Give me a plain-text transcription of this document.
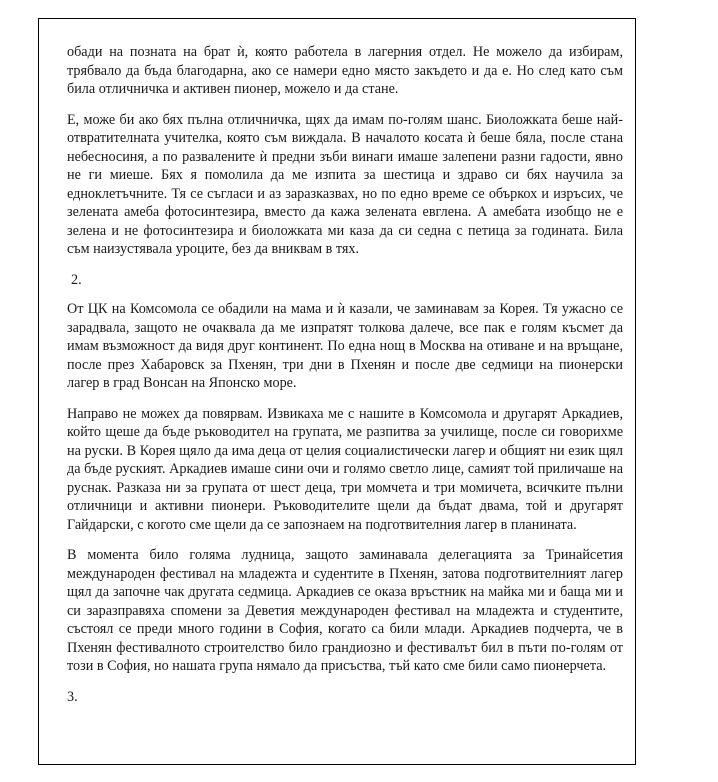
обади на позната на брат ѝ, която работела в лагерния отдел. Не можело да избирам, трябвало да бъда благодарна, ако се намери едно място закъдето и да е. Но след като съм била отличничка и активен пионер, можело и да стане.

Е, може би ако бях пълна отличничка, щях да имам по-голям шанс. Биоложката беше най-отвратителната учителка, която съм виждала. В началото косата ѝ беше бяла, после стана небесносиня, а по развалените ѝ предни зъби винаги имаше залепени разни гадости, явно не ги миеше. Бях я помолила да ме изпита за шестица и здраво си бях научила за едноклетъчните. Тя се съгласи и аз заразказвах, но по едно време се объркох и изръсих, че зелената амеба фотосинтезира, вместо да кажа зелената евглена. А амебата изобщо не е зелена и не фотосинтезира и биоложката ми каза да си седна с петица за годината. Била съм наизустявала уроците, без да вниквам в тях.

2.

От ЦК на Комсомола се обадили на мама и ѝ казали, че заминавам за Корея. Тя ужасно се зарадвала, защото не очаквала да ме изпратят толкова далече, все пак е голям късмет да имам възможност да видя друг континент. По една нощ в Москва на отиване и на връщане, после през Хабаровск за Пхенян, три дни в Пхенян и после две седмици на пионерски лагер в град Вонсан на Японско море.

Направо не можех да повярвам. Извикаха ме с нашите в Комсомола и другарят Аркадиев, който щеше да бъде ръководител на групата, ме разпитва за училище, после си говорихме на руски. В Корея щяло да има деца от целия социалистически лагер и общият ни език щял да бъде руският. Аркадиев имаше сини очи и голямо светло лице, самият той приличаше на руснак. Разказа ни за групата от шест деца, три момчета и три момичета, всичките пълни отличници и активни пионери. Ръководителите щели да бъдат двама, той и другарят Гайдарски, с когото сме щели да се запознаем на подготвителния лагер в планината.

В момента било голяма лудница, защото заминавала делегацията за Тринайсетия международен фестивал на младежта и судентите в Пхенян, затова подготвителният лагер щял да започне чак другата седмица. Аркадиев се оказа връстник на майка ми и баща ми и си заразправяха спомени за Деветия международен фестивал на младежта и студентите, състоял се преди много години в София, когато са били млади. Аркадиев подчерта, че в Пхенян фестивалното строителство било грандиозно и фестивалът бил в пъти по-голям от този в София, но нашата група нямало да присъства, тъй като сме били само пионерчета.

3.
